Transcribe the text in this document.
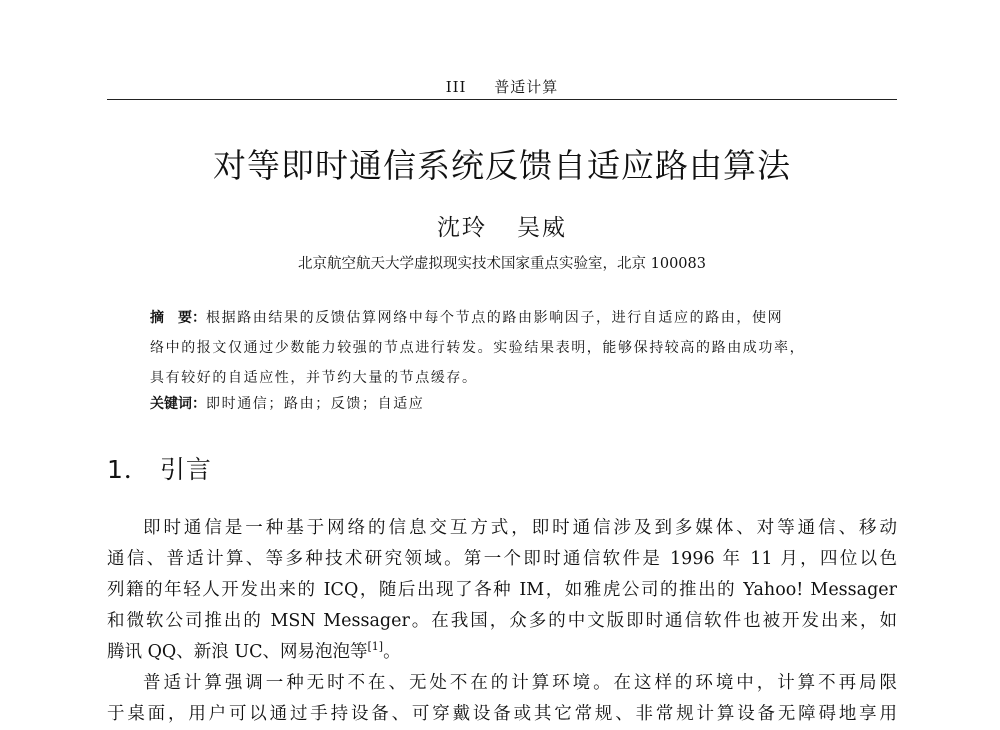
III 普适计算
对等即时通信系统反馈自适应路由算法
沈玲 吴威
北京航空航天大学虚拟现实技术国家重点实验室，北京 100083
摘　要：根据路由结果的反馈估算网络中每个节点的路由影响因子，进行自适应的路由，使网
络中的报文仅通过少数能力较强的节点进行转发。实验结果表明，能够保持较高的路由成功率，
具有较好的自适应性，并节约大量的节点缓存。
关键词：即时通信；路由；反馈；自适应
1． 引言
即时通信是一种基于网络的信息交互方式，即时通信涉及到多媒体、对等通信、移动
通信、普适计算、等多种技术研究领域。第一个即时通信软件是 1996 年 11 月，四位以色
列籍的年轻人开发出来的 ICQ，随后出现了各种 IM，如雅虎公司的推出的 Yahoo! Messager
和微软公司推出的 MSN Messager。在我国，众多的中文版即时通信软件也被开发出来，如
腾讯 QQ、新浪 UC、网易泡泡等[1]。
普适计算强调一种无时不在、无处不在的计算环境。在这样的环境中，计算不再局限
于桌面，用户可以通过手持设备、可穿戴设备或其它常规、非常规计算设备无障碍地享用
